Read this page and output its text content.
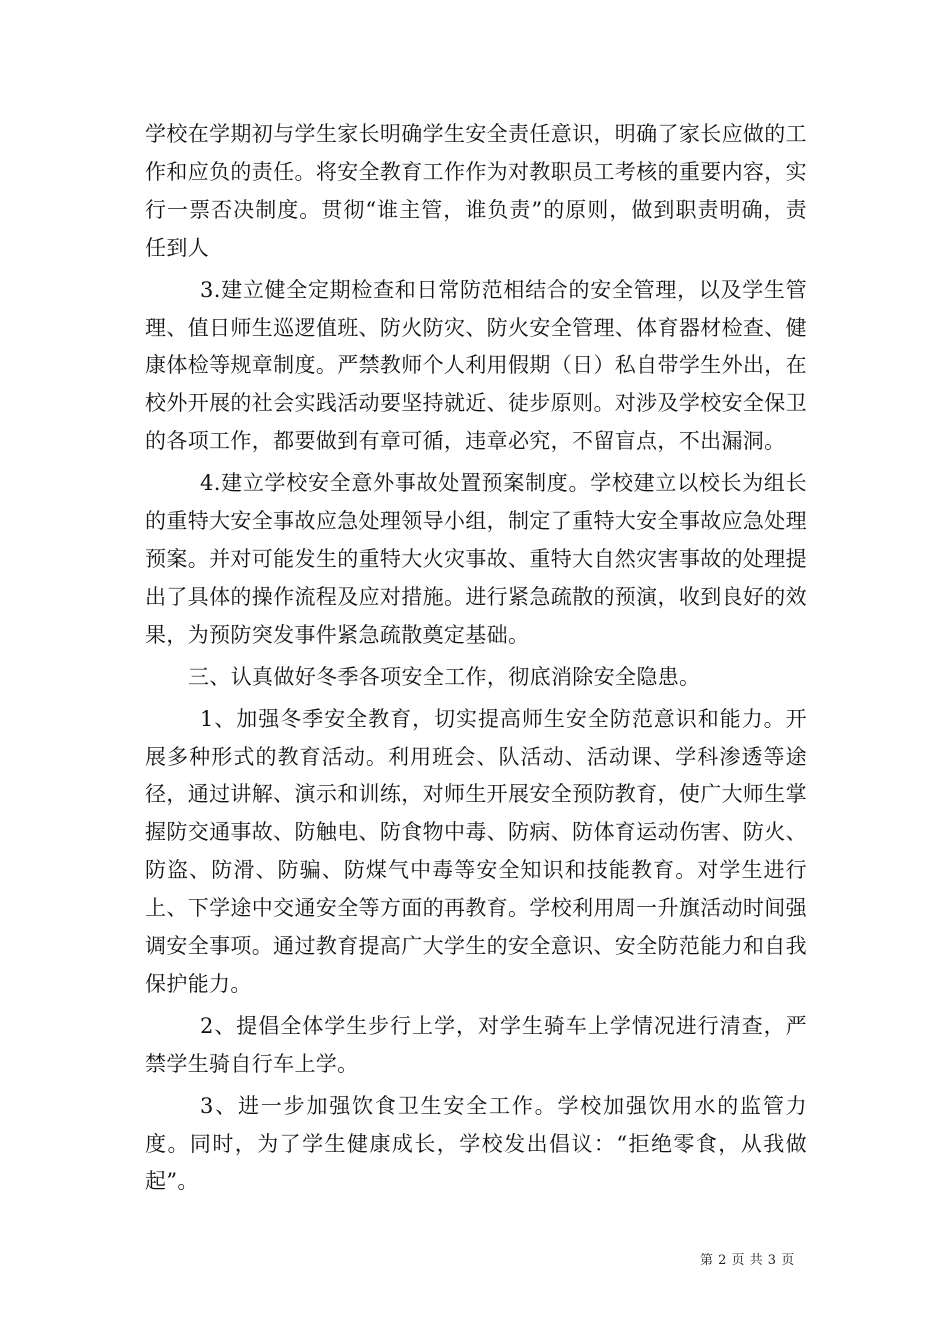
学校在学期初与学生家长明确学生安全责任意识，明确了家长应做的工作和应负的责任。将安全教育工作作为对教职员工考核的重要内容，实行一票否决制度。贯彻“谁主管，谁负责”的原则，做到职责明确，责任到人

3.建立健全定期检查和日常防范相结合的安全管理，以及学生管理、值日师生巡逻值班、防火防灾、防火安全管理、体育器材检查、健康体检等规章制度。严禁教师个人利用假期（日）私自带学生外出，在校外开展的社会实践活动要坚持就近、徒步原则。对涉及学校安全保卫的各项工作，都要做到有章可循，违章必究，不留盲点，不出漏洞。

4.建立学校安全意外事故处置预案制度。学校建立以校长为组长的重特大安全事故应急处理领导小组，制定了重特大安全事故应急处理预案。并对可能发生的重特大火灾事故、重特大自然灾害事故的处理提出了具体的操作流程及应对措施。进行紧急疏散的预演，收到良好的效果，为预防突发事件紧急疏散奠定基础。

三、认真做好冬季各项安全工作，彻底消除安全隐患。

1、加强冬季安全教育，切实提高师生安全防范意识和能力。开展多种形式的教育活动。利用班会、队活动、活动课、学科渗透等途径，通过讲解、演示和训练，对师生开展安全预防教育，使广大师生掌握防交通事故、防触电、防食物中毒、防病、防体育运动伤害、防火、防盗、防滑、防骗、防煤气中毒等安全知识和技能教育。对学生进行上、下学途中交通安全等方面的再教育。学校利用周一升旗活动时间强调安全事项。通过教育提高广大学生的安全意识、安全防范能力和自我保护能力。

2、提倡全体学生步行上学，对学生骑车上学情况进行清查，严禁学生骑自行车上学。

3、进一步加强饮食卫生安全工作。学校加强饮用水的监管力度。同时，为了学生健康成长，学校发出倡议：“拒绝零食，从我做起”。

第 2 页 共 3 页
